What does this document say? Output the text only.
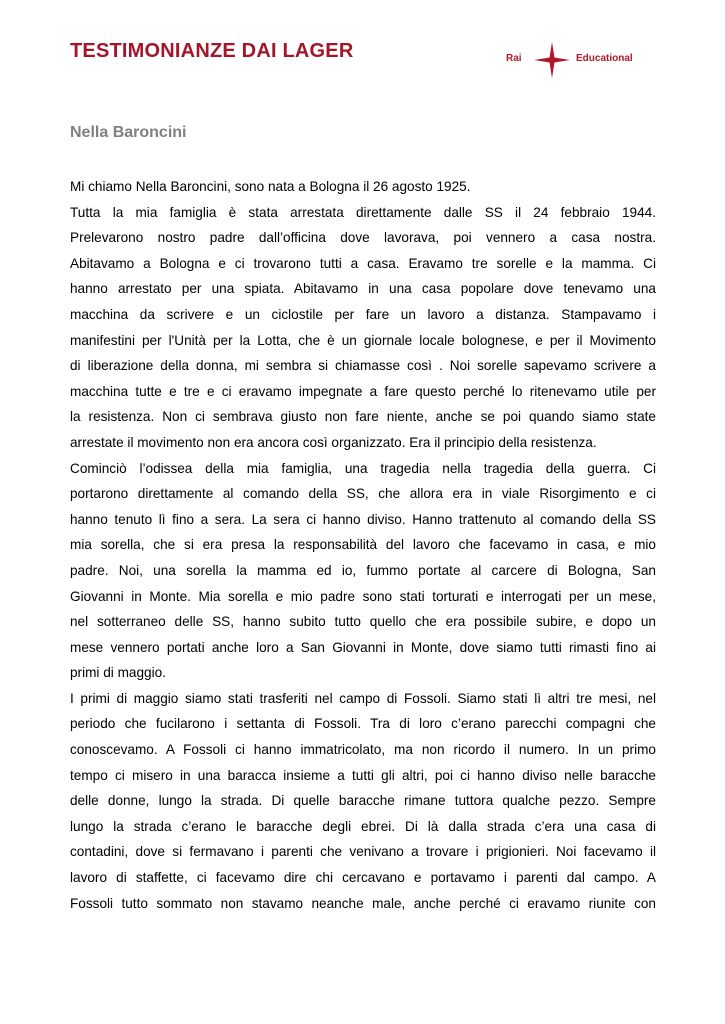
TESTIMONIANZE DAI LAGER	Rai	Educational
Nella Baroncini
Mi chiamo Nella Baroncini, sono nata a Bologna il 26 agosto 1925.
Tutta la mia famiglia è stata arrestata direttamente dalle SS il 24 febbraio 1944.
Prelevarono nostro padre dall’officina dove lavorava, poi vennero a casa nostra.
Abitavamo a Bologna e ci trovarono tutti a casa. Eravamo tre sorelle e la mamma. Ci
hanno arrestato per una spiata. Abitavamo in una casa popolare dove tenevamo una
macchina da scrivere e un ciclostile per fare un lavoro a distanza. Stampavamo i
manifestini per l'Unità per la Lotta, che è un giornale locale bolognese, e per il Movimento
di liberazione della donna, mi sembra si chiamasse così . Noi sorelle sapevamo scrivere a
macchina tutte e tre e ci eravamo impegnate a fare questo perché lo ritenevamo utile per
la resistenza. Non ci sembrava giusto non fare niente, anche se poi quando siamo state
arrestate il movimento non era ancora così organizzato. Era il principio della resistenza.
Cominciò l’odissea della mia famiglia, una tragedia nella tragedia della guerra. Ci
portarono direttamente al comando della SS, che allora era in viale Risorgimento e ci
hanno tenuto lì fino a sera. La sera ci hanno diviso. Hanno trattenuto al comando della SS
mia sorella, che si era presa la responsabilità del lavoro che facevamo in casa, e mio
padre. Noi, una sorella la mamma ed io, fummo portate al carcere di Bologna, San
Giovanni in Monte. Mia sorella e mio padre sono stati torturati e interrogati per un mese,
nel sotterraneo delle SS, hanno subito tutto quello che era possibile subire, e dopo un
mese vennero portati anche loro a San Giovanni in Monte, dove siamo tutti rimasti fino ai
primi di maggio.
I primi di maggio siamo stati trasferiti nel campo di Fossoli. Siamo stati lì altri tre mesi, nel
periodo che fucilarono i settanta di Fossoli. Tra di loro c’erano parecchi compagni che
conoscevamo. A Fossoli ci hanno immatricolato, ma non ricordo il numero. In un primo
tempo ci misero in una baracca insieme a tutti gli altri, poi ci hanno diviso nelle baracche
delle donne, lungo la strada. Di quelle baracche rimane tuttora qualche pezzo. Sempre
lungo la strada c’erano le baracche degli ebrei. Di là dalla strada c’era una casa di
contadini, dove si fermavano i parenti che venivano a trovare i prigionieri. Noi facevamo il
lavoro di staffette, ci facevamo dire chi cercavano e portavamo i parenti dal campo. A
Fossoli tutto sommato non stavamo neanche male, anche perché ci eravamo riunite con
